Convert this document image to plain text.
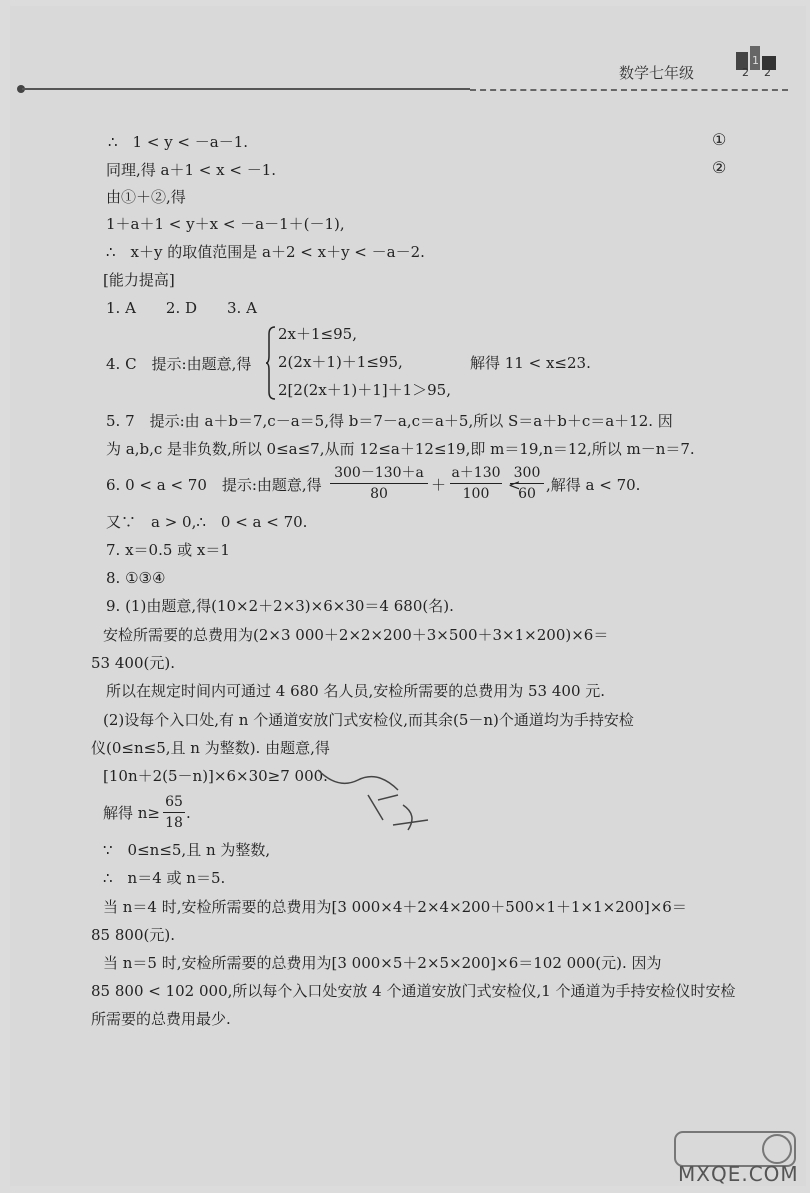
数学七年级
1
2 2
∴　1 < y < －a－1.	①
同理,得 a＋1 < x < －1.	②
由①＋②,得
1＋a＋1 < y＋x < －a－1＋(－1),
∴　x＋y 的取值范围是 a＋2 < x＋y < －a－2.
[能力提高]
1. A　　2. D　　3. A
4. C　提示:由题意,得
2x＋1≤95,
2(2x＋1)＋1≤95,
2[2(2x＋1)＋1]＋1＞95,
解得 11 < x≤23.
5. 7　提示:由 a＋b＝7,c－a＝5,得 b＝7－a,c＝a＋5,所以 S＝a＋b＋c＝a＋12. 因
为 a,b,c 是非负数,所以 0≤a≤7,从而 12≤a＋12≤19,即 m＝19,n＝12,所以 m－n＝7.
6. 0 < a < 70　提示:由题意,得
300－130＋a
80	＋
a＋130
100	<
300
60 ,解得 a < 70.
又∵　a > 0,∴　0 < a < 70.
7. x＝0.5 或 x＝1
8. ①③④
9. (1)由题意,得(10×2＋2×3)×6×30＝4 680(名).
安检所需要的总费用为(2×3 000＋2×2×200＋3×500＋3×1×200)×6＝
53 400(元).
所以在规定时间内可通过 4 680 名人员,安检所需要的总费用为 53 400 元.
(2)设每个入口处,有 n 个通道安放门式安检仪,而其余(5－n)个通道均为手持安检
仪(0≤n≤5,且 n 为整数). 由题意,得
[10n＋2(5－n)]×6×30≥7 000.
解得 n≥
65
18
.
∵　0≤n≤5,且 n 为整数,
∴　n＝4 或 n＝5.
当 n＝4 时,安检所需要的总费用为[3 000×4＋2×4×200＋500×1＋1×1×200]×6＝
85 800(元).
当 n＝5 时,安检所需要的总费用为[3 000×5＋2×5×200]×6＝102 000(元). 因为
85 800 < 102 000,所以每个入口处安放 4 个通道安放门式安检仪,1 个通道为手持安检仪时安检
所需要的总费用最少.
MXQE.COM
